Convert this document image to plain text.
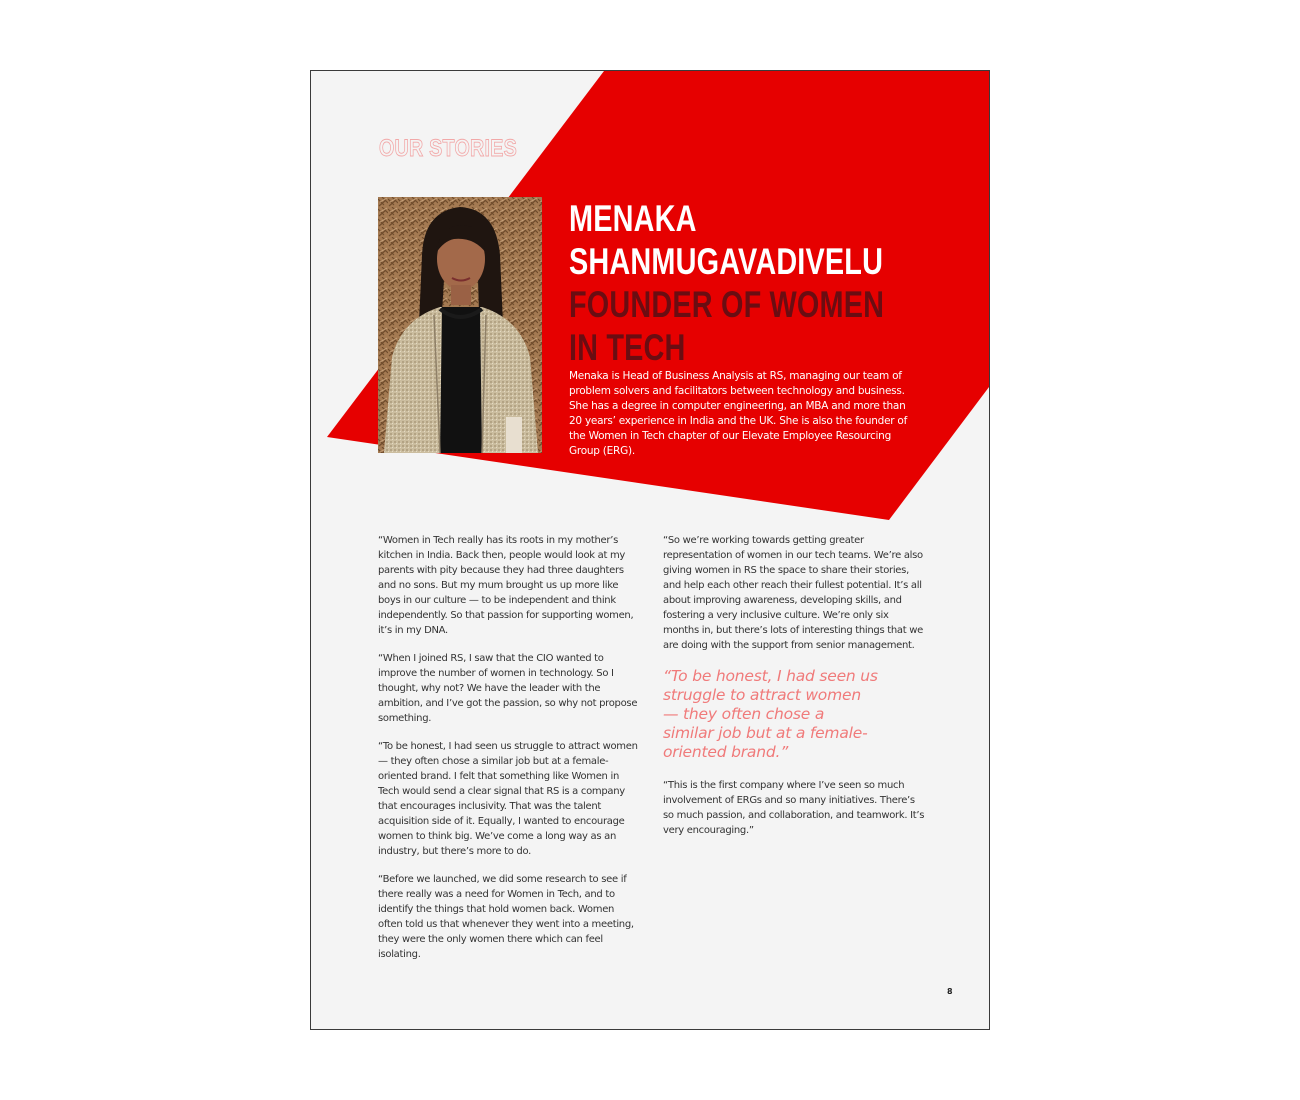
OUR STORIES
MENAKA
SHANMUGAVADIVELU
FOUNDER OF WOMEN
IN TECH

Menaka is Head of Business Analysis at RS, managing our team of problem solvers and facilitators between technology and business. She has a degree in computer engineering, an MBA and more than 20 years’ experience in India and the UK. She is also the founder of the Women in Tech chapter of our Elevate Employee Resourcing Group (ERG).

“Women in Tech really has its roots in my mother’s kitchen in India. Back then, people would look at my parents with pity because they had three daughters and no sons. But my mum brought us up more like boys in our culture — to be independent and think independently. So that passion for supporting women, it’s in my DNA.

“When I joined RS, I saw that the CIO wanted to improve the number of women in technology. So I thought, why not? We have the leader with the ambition, and I’ve got the passion, so why not propose something.

“To be honest, I had seen us struggle to attract women — they often chose a similar job but at a female-oriented brand. I felt that something like Women in Tech would send a clear signal that RS is a company that encourages inclusivity. That was the talent acquisition side of it. Equally, I wanted to encourage women to think big. We’ve come a long way as an industry, but there’s more to do.

“Before we launched, we did some research to see if there really was a need for Women in Tech, and to identify the things that hold women back. Women often told us that whenever they went into a meeting, they were the only women there which can feel isolating.

“So we’re working towards getting greater representation of women in our tech teams. We’re also giving women in RS the space to share their stories, and help each other reach their fullest potential. It’s all about improving awareness, developing skills, and fostering a very inclusive culture. We’re only six months in, but there’s lots of interesting things that we are doing with the support from senior management.

“To be honest, I had seen us struggle to attract women — they often chose a similar job but at a female-oriented brand.”

“This is the first company where I’ve seen so much involvement of ERGs and so many initiatives. There’s so much passion, and collaboration, and teamwork. It’s very encouraging.”

8
